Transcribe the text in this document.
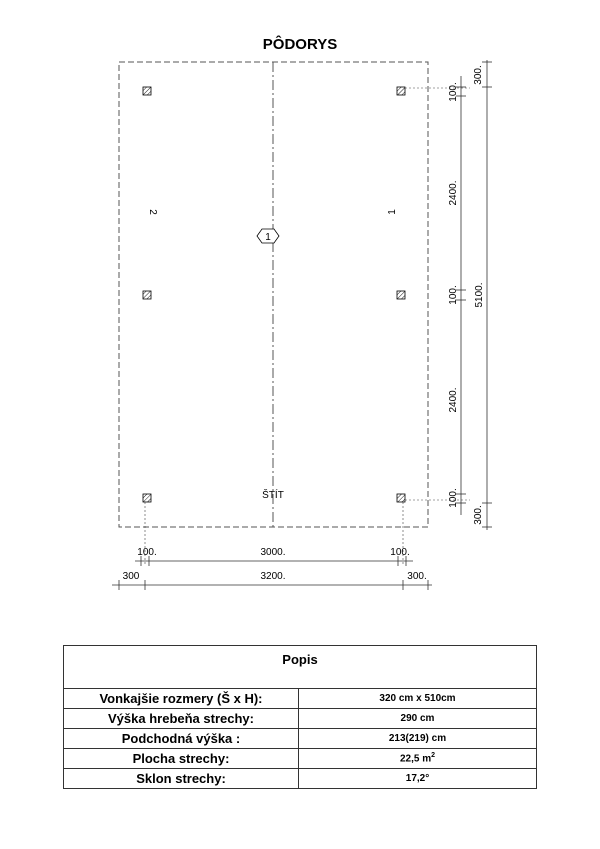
PÔDORYS
2	1
1
ŠTÍT
300.
100.
2400.
100. 5100.
2400.
100.
300.
100.	3000.	100.
300	3200.	300.
Popis	
Vonkajšie rozmery (Š x H):	320 cm x 510cm
Výška hrebeňa strechy:	290 cm
Podchodná výška :	213(219) cm
Plocha strechy:	22,5 $m^2$
Sklon strechy:	17,2°
